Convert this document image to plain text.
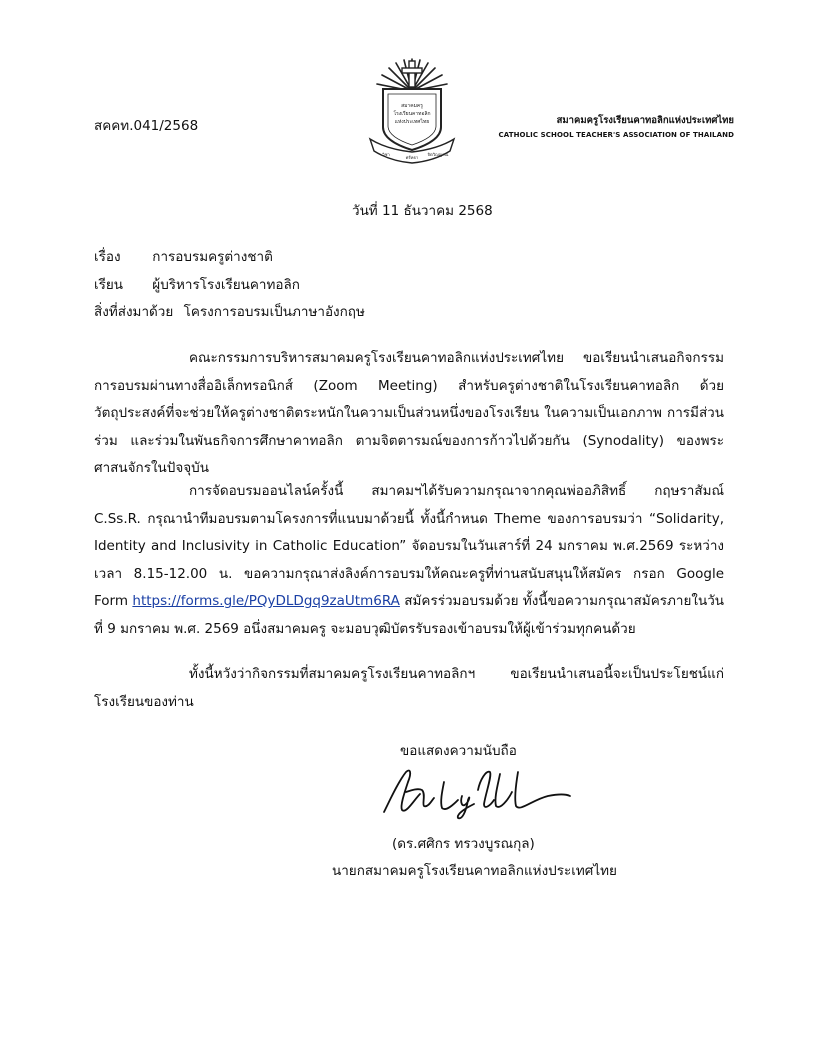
สคคท.041/2568
สมาคมครู
โรงเรียนคาทอลิก
แห่งประเทศไทย
วิชา
ศรัทธา
จิตวิญญาณ
สมาคมครูโรงเรียนคาทอลิกแห่งประเทศไทย
CATHOLIC SCHOOL TEACHER'S ASSOCIATION OF THAILAND
วันที่ 11 ธันวาคม 2568
เรื่อง การอบรมครูต่างชาติ
เรียน ผู้บริหารโรงเรียนคาทอลิก
สิ่งที่ส่งมาด้วย โครงการอบรมเป็นภาษาอังกฤษ
คณะกรรมการบริหารสมาคมครูโรงเรียนคาทอลิกแห่งประเทศไทย ขอเรียนนำเสนอกิจกรรมการอบรมผ่านทางสื่ออิเล็กทรอนิกส์ (Zoom Meeting) สำหรับครูต่างชาติในโรงเรียนคาทอลิก ด้วยวัตถุประสงค์ที่จะช่วยให้ครูต่างชาติตระหนักในความเป็นส่วนหนึ่งของโรงเรียน ในความเป็นเอกภาพ การมีส่วนร่วม และร่วมในพันธกิจการศึกษาคาทอลิก ตามจิตตารมณ์ของการก้าวไปด้วยกัน (Synodality) ของพระศาสนจักรในปัจจุบัน
การจัดอบรมออนไลน์ครั้งนี้ สมาคมฯได้รับความกรุณาจากคุณพ่ออภิสิทธิ์ กฤษราสัมณ์ C.Ss.R. กรุณานำทีมอบรมตามโครงการที่แนบมาด้วยนี้ ทั้งนี้กำหนด Theme ของการอบรมว่า “Solidarity, Identity and Inclusivity in Catholic Education” จัดอบรมในวันเสาร์ที่ 24 มกราคม พ.ศ.2569 ระหว่างเวลา 8.15-12.00 น. ขอความกรุณาส่งลิงค์การอบรมให้คณะครูที่ท่านสนับสนุนให้สมัคร กรอก Google Form https://forms.gle/PQyDLDgq9zaUtm6RA สมัครร่วมอบรมด้วย ทั้งนี้ขอความกรุณาสมัครภายในวันที่ 9 มกราคม พ.ศ. 2569 อนึ่งสมาคมครู จะมอบวุฒิบัตรรับรองเข้าอบรมให้ผู้เข้าร่วมทุกคนด้วย
ทั้งนี้หวังว่ากิจกรรมที่สมาคมครูโรงเรียนคาทอลิกฯ ขอเรียนนำเสนอนี้จะเป็นประโยชน์แก่โรงเรียนของท่าน
ขอแสดงความนับถือ
(ดร.ศศิกร ทรวงบูรณกุล)
นายกสมาคมครูโรงเรียนคาทอลิกแห่งประเทศไทย
